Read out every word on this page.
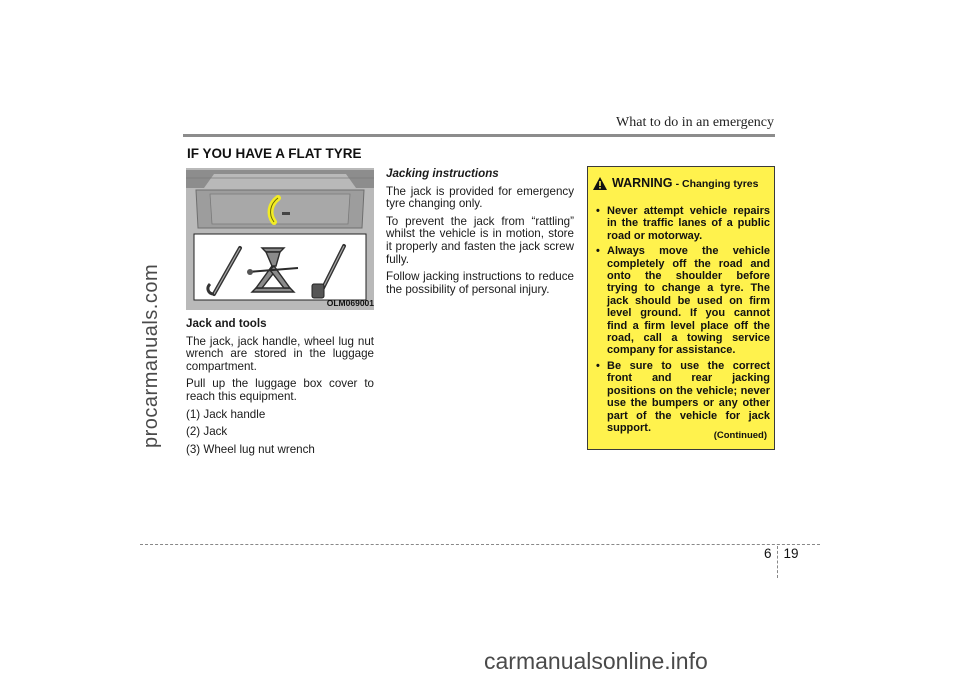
What to do in an emergency
procarmanuals.com
IF YOU HAVE A FLAT TYRE
OLM069001

Jack and tools

The jack, jack handle, wheel lug nut wrench are stored in the luggage compartment.

Pull up the luggage box cover to reach this equipment.

(1) Jack handle

(2) Jack

(3) Wheel lug nut wrench

Jacking instructions

The jack is provided for emergency tyre changing only.

To prevent the jack from “rattling” whilst the vehicle is in motion, store it properly and fasten the jack screw fully.

Follow jacking instructions to reduce the possibility of personal injury.

WARNING - Changing tyres
• Never attempt vehicle repairs in the traffic lanes of a public road or motorway.
• Always move the vehicle completely off the road and onto the shoulder before trying to change a tyre. The jack should be used on firm level ground. If you cannot find a firm level place off the road, call a towing service company for assistance.
• Be sure to use the correct front and rear jacking positions on the vehicle; never use the bumpers or any other part of the vehicle for jack support.
(Continued)
6 19
carmanualsonline.info
